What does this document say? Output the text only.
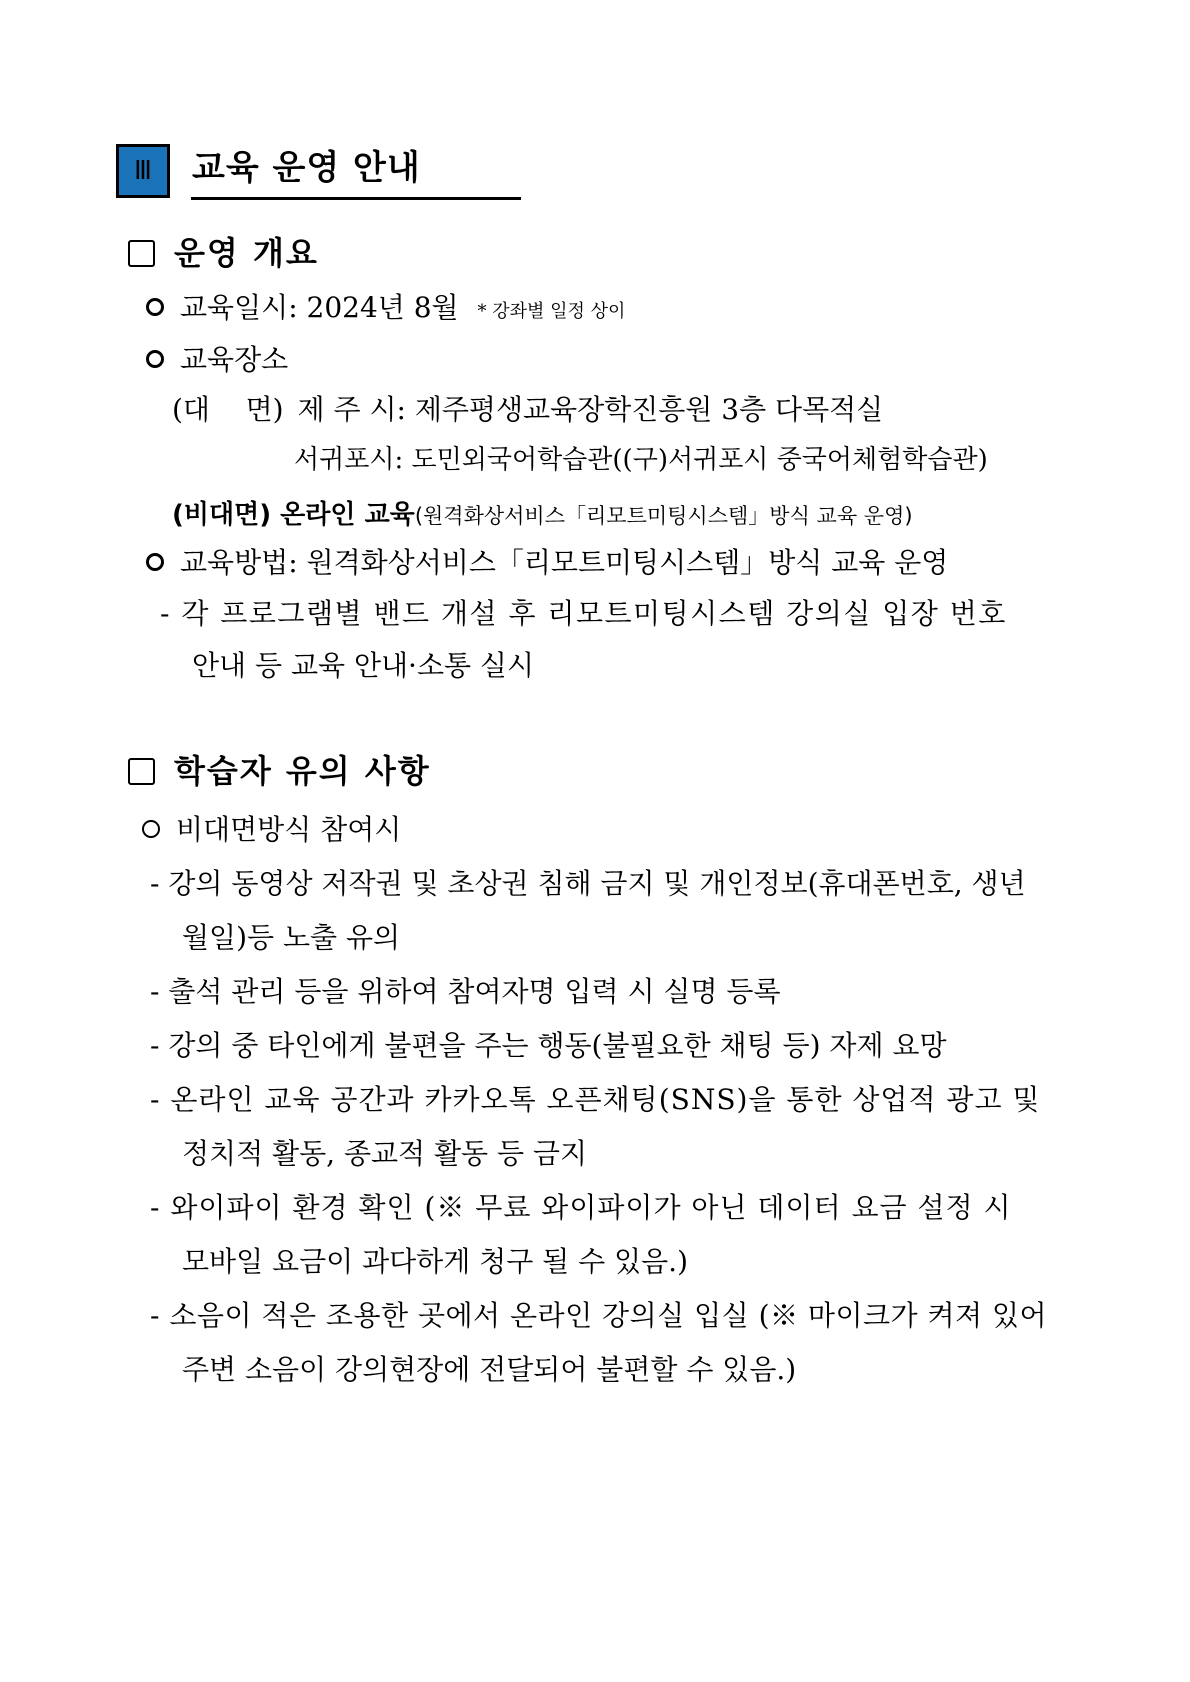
Ⅲ 교육 운영 안내
운영 개요
교육일시: 2024년 8월 * 강좌별 일정 상이
교육장소
(대    면) 제 주 시: 제주평생교육장학진흥원 3층 다목적실
서귀포시: 도민외국어학습관((구)서귀포시 중국어체험학습관)
(비대면) 온라인 교육(원격화상서비스「리모트미팅시스템」방식 교육 운영)
교육방법: 원격화상서비스「리모트미팅시스템」방식 교육 운영
- 각 프로그램별 밴드 개설 후 리모트미팅시스템 강의실 입장 번호
안내 등 교육 안내·소통 실시
학습자 유의 사항
비대면방식 참여시
- 강의 동영상 저작권 및 초상권 침해 금지 및 개인정보(휴대폰번호, 생년
월일)등 노출 유의
- 출석 관리 등을 위하여 참여자명 입력 시 실명 등록
- 강의 중 타인에게 불편을 주는 행동(불필요한 채팅 등) 자제 요망
- 온라인 교육 공간과 카카오톡 오픈채팅(SNS)을 통한 상업적 광고 및
정치적 활동, 종교적 활동 등 금지
- 와이파이 환경 확인 (※ 무료 와이파이가 아닌 데이터 요금 설정 시
모바일 요금이 과다하게 청구 될 수 있음.)
- 소음이 적은 조용한 곳에서 온라인 강의실 입실 (※ 마이크가 켜져 있어
주변 소음이 강의현장에 전달되어 불편할 수 있음.)
